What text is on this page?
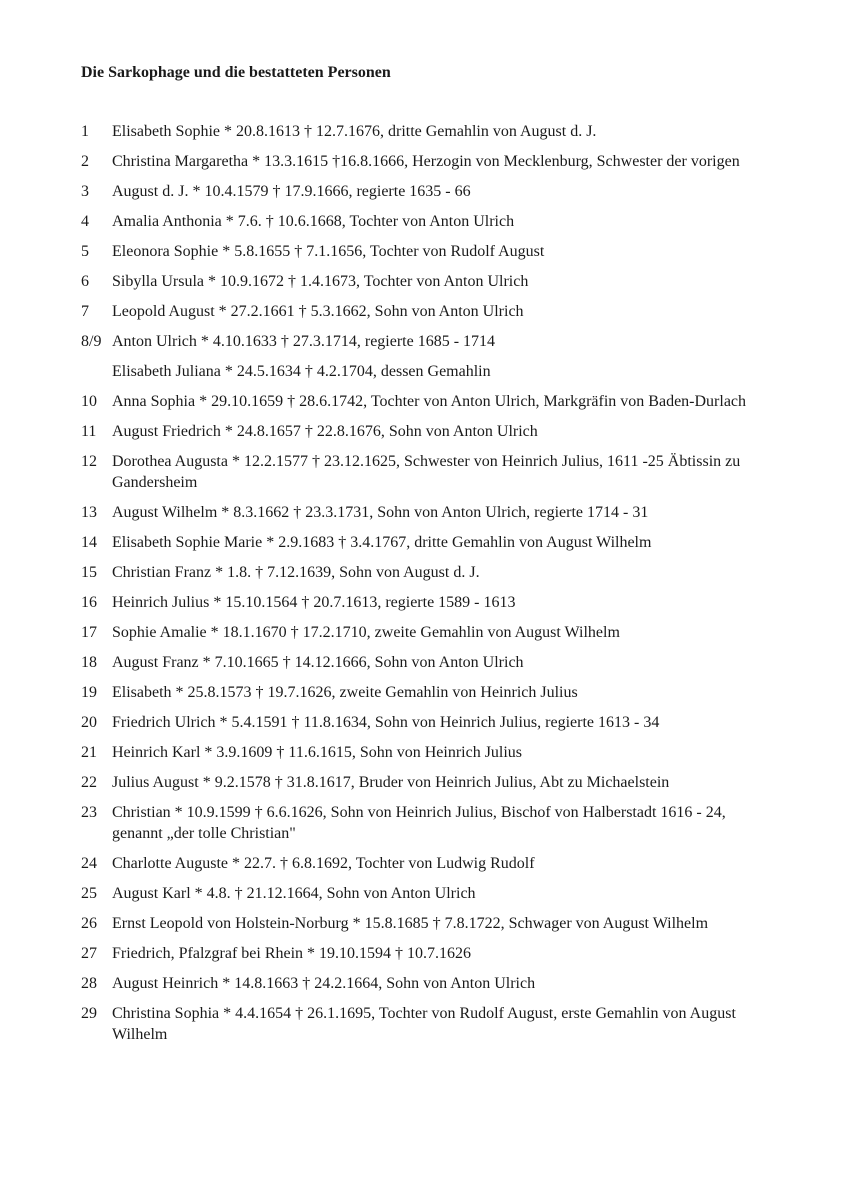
Die Sarkophage und die bestatteten Personen
1	Elisabeth Sophie * 20.8.1613 † 12.7.1676, dritte Gemahlin von August d. J.
2	Christina Margaretha * 13.3.1615 †16.8.1666, Herzogin von Mecklenburg, Schwester der vorigen
3	August d. J. * 10.4.1579 † 17.9.1666, regierte 1635 - 66
4	Amalia Anthonia * 7.6. † 10.6.1668, Tochter von Anton Ulrich
5	Eleonora Sophie * 5.8.1655 † 7.1.1656, Tochter von Rudolf August
6	Sibylla Ursula * 10.9.1672 † 1.4.1673, Tochter von Anton Ulrich
7	Leopold August * 27.2.1661 † 5.3.1662, Sohn von Anton Ulrich
8/9 Anton Ulrich * 4.10.1633 † 27.3.1714, regierte 1685 - 1714
Elisabeth Juliana * 24.5.1634 † 4.2.1704, dessen Gemahlin
10 Anna Sophia * 29.10.1659 † 28.6.1742, Tochter von Anton Ulrich, Markgräfin von Baden-Durlach
11 August Friedrich * 24.8.1657 † 22.8.1676, Sohn von Anton Ulrich
12 Dorothea Augusta * 12.2.1577 † 23.12.1625, Schwester von Heinrich Julius, 1611 -25 Äbtissin zu Gandersheim
13 August Wilhelm * 8.3.1662 † 23.3.1731, Sohn von Anton Ulrich, regierte 1714 - 31
14 Elisabeth Sophie Marie * 2.9.1683 † 3.4.1767, dritte Gemahlin von August Wilhelm
15 Christian Franz * 1.8. † 7.12.1639, Sohn von August d. J.
16 Heinrich Julius * 15.10.1564 † 20.7.1613, regierte 1589 - 1613
17 Sophie Amalie * 18.1.1670 † 17.2.1710, zweite Gemahlin von August Wilhelm
18 August Franz * 7.10.1665 † 14.12.1666, Sohn von Anton Ulrich
19 Elisabeth * 25.8.1573 † 19.7.1626, zweite Gemahlin von Heinrich Julius
20 Friedrich Ulrich * 5.4.1591 † 11.8.1634, Sohn von Heinrich Julius, regierte 1613 - 34
21 Heinrich Karl * 3.9.1609 † 11.6.1615, Sohn von Heinrich Julius
22 Julius August * 9.2.1578 † 31.8.1617, Bruder von Heinrich Julius, Abt zu Michaelstein
23 Christian * 10.9.1599 † 6.6.1626, Sohn von Heinrich Julius, Bischof von Halberstadt 1616 - 24, genannt „der tolle Christian"
24 Charlotte Auguste * 22.7. † 6.8.1692, Tochter von Ludwig Rudolf
25 August Karl * 4.8. † 21.12.1664, Sohn von Anton Ulrich
26 Ernst Leopold von Holstein-Norburg * 15.8.1685 † 7.8.1722, Schwager von August Wilhelm
27 Friedrich, Pfalzgraf bei Rhein * 19.10.1594 † 10.7.1626
28 August Heinrich * 14.8.1663 † 24.2.1664, Sohn von Anton Ulrich
29 Christina Sophia * 4.4.1654 † 26.1.1695, Tochter von Rudolf August, erste Gemahlin von August Wilhelm
